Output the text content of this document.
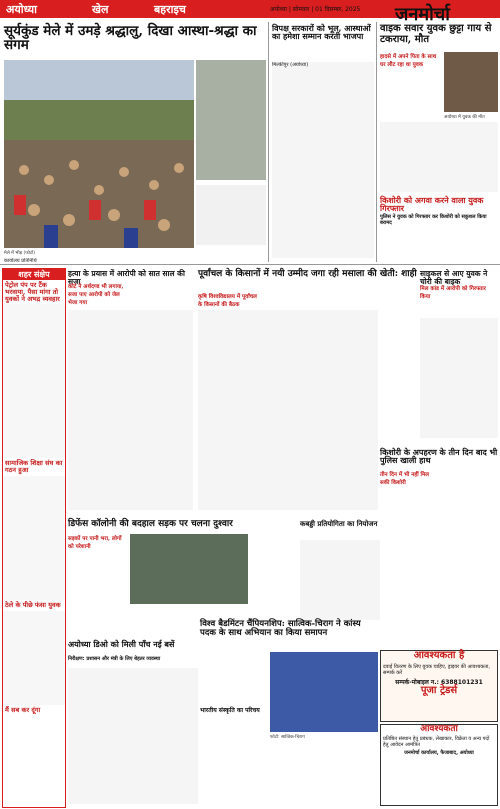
अयोध्या	खेल	बहराइच	अयोध्या | सोमवार | 01 दिसम्बर, 2025 जनमोर्चा	08
सूर्यकुंड मेले में उमड़े श्रद्धालु, दिखा आस्था-श्रद्धा का संगम
मेले में भीड़ (फोटो)

कार्यालय प्रतिनिधि

विपक्ष सरकारों को भूल, आस्थाओं का हमेशा सम्मान करती भाजपा

मिल्कीपुर (अयोध्या)

वाइक सवार युवक छुट्टा गाय से टकराया, मौत
हादसे में अपने पिता के साथ घर लौट रहा था युवक
अयोध्या में युवक की मौत
किशोरी को अगवा करने वाला युवक गिरफ्तार
पुलिस ने युवक को गिरफ्तार कर किशोरी को सकुशल किया बरामद
शहर संक्षेप
पेट्रोल पंप पर टैंक भरवाया, पैसा मांगा तो युवकों ने अभद्र व्यवहार
सामाजिक शिक्षा संघ का गठन हुआ
ठेले के पीछे फंसा युवक
मैं सब कर दूंगा
हत्या के प्रयास में आरोपी को सात साल की सजा
कोर्ट ने अर्थदण्ड भी लगाया, सजा पाए आरोपी को जेल भेजा गया
पूर्वांचल के किसानों में नयी उम्मीद जगा रही मसाला की खेती: शाही
कृषि विश्वविद्यालय में पूर्वांचल के किसानों की बैठक
साइकल से आए युवक ने चोरी की बाइक
मिल कांड में आरोपी को गिरफ्तार किया
डिफेंस कॉलोनी की बदहाल सड़क पर चलना दुश्वार
सड़कों पर पानी भरा, लोगों को परेशानी
कबड्डी प्रतियोगिता का नियोजन
किशोरी के अपहरण के तीन दिन बाद भी पुलिस खाली हाथ
तीन दिन में भी नहीं मिल सकी किशोरी
अयोध्या डिओ को मिली पाँच नई बसें
निरीक्षण: प्रशासन और मंत्री के लिए बेहतर व्यवस्था
विश्व बैडमिंटन चैंपियनशिप: सात्विक-चिराग ने कांस्य पदक के साथ अभियान का किया समापन
फोटो: सात्विक-चिराग
भारतीय संस्कृति का परिचय
आवश्यकता है
दवाई वितरण के लिए युवक चाहिए, ड्राइवर की आवश्यकता, सम्पर्क करें
सम्पर्क-मोबाइल न.: 6388101231
पूजा ट्रेडर्स
आवश्यकता
प्रतिष्ठित संस्थान हेतु प्रबंधक, लेखाकार, विक्रेता व अन्य पदों हेतु आवेदन आमंत्रित
जनमोर्चा कार्यालय, फैजाबाद, अयोध्या
